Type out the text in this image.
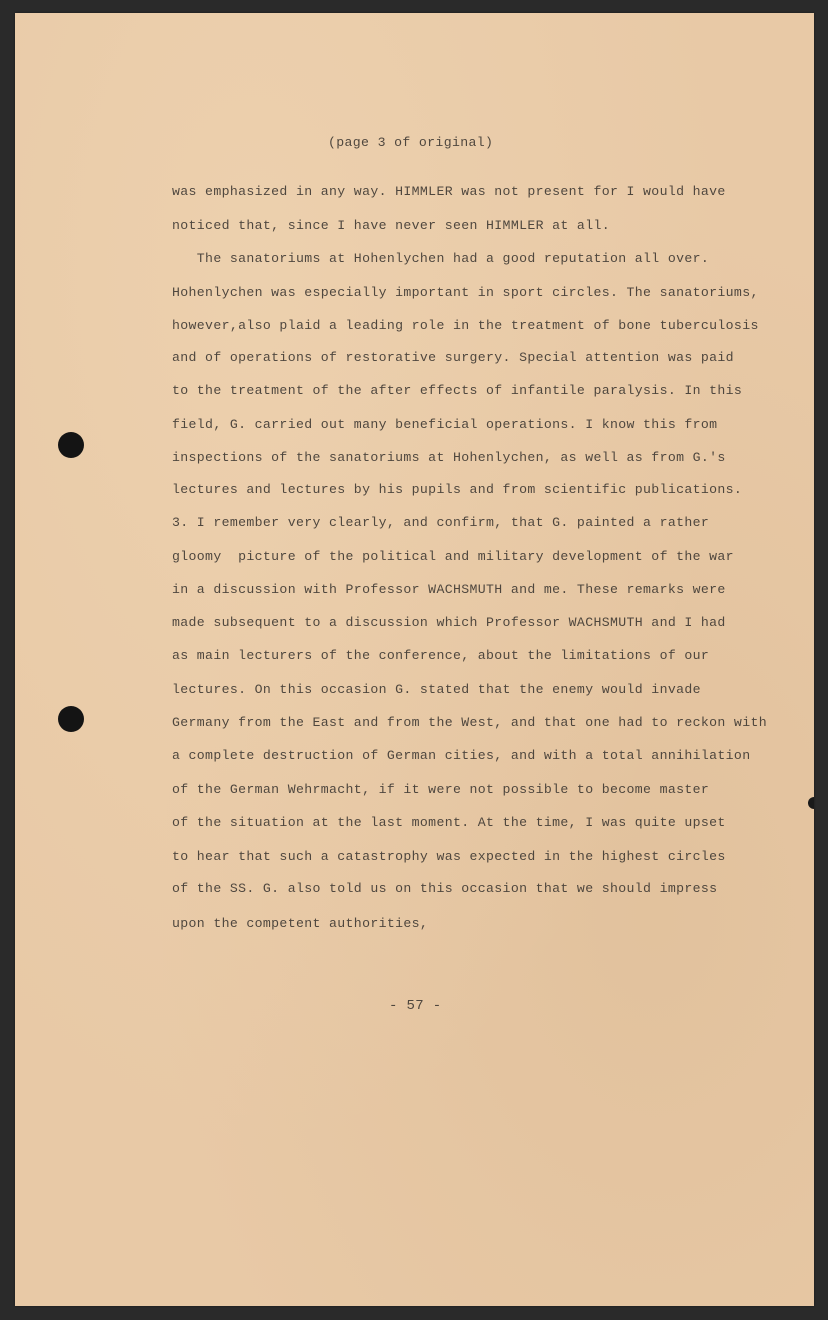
(page 3 of original)
was emphasized in any way. HIMMLER was not present for I would have
noticed that, since I have never seen HIMMLER at all.
The sanatoriums at Hohenlychen had a good reputation all over.
Hohenlychen was especially important in sport circles. The sanatoriums,
however,also plaid a leading role in the treatment of bone tuberculosis
and of operations of restorative surgery. Special attention was paid
to the treatment of the after effects of infantile paralysis. In this
field, G. carried out many beneficial operations. I know this from
inspections of the sanatoriums at Hohenlychen, as well as from G.'s
lectures and lectures by his pupils and from scientific publications.
3. I remember very clearly, and confirm, that G. painted a rather
gloomy  picture of the political and military development of the war
in a discussion with Professor WACHSMUTH and me. These remarks were
made subsequent to a discussion which Professor WACHSMUTH and I had
as main lecturers of the conference, about the limitations of our
lectures. On this occasion G. stated that the enemy would invade
Germany from the East and from the West, and that one had to reckon with
a complete destruction of German cities, and with a total annihilation
of the German Wehrmacht, if it were not possible to become master
of the situation at the last moment. At the time, I was quite upset
to hear that such a catastrophy was expected in the highest circles
of the SS. G. also told us on this occasion that we should impress
upon the competent authorities,
- 57 -
